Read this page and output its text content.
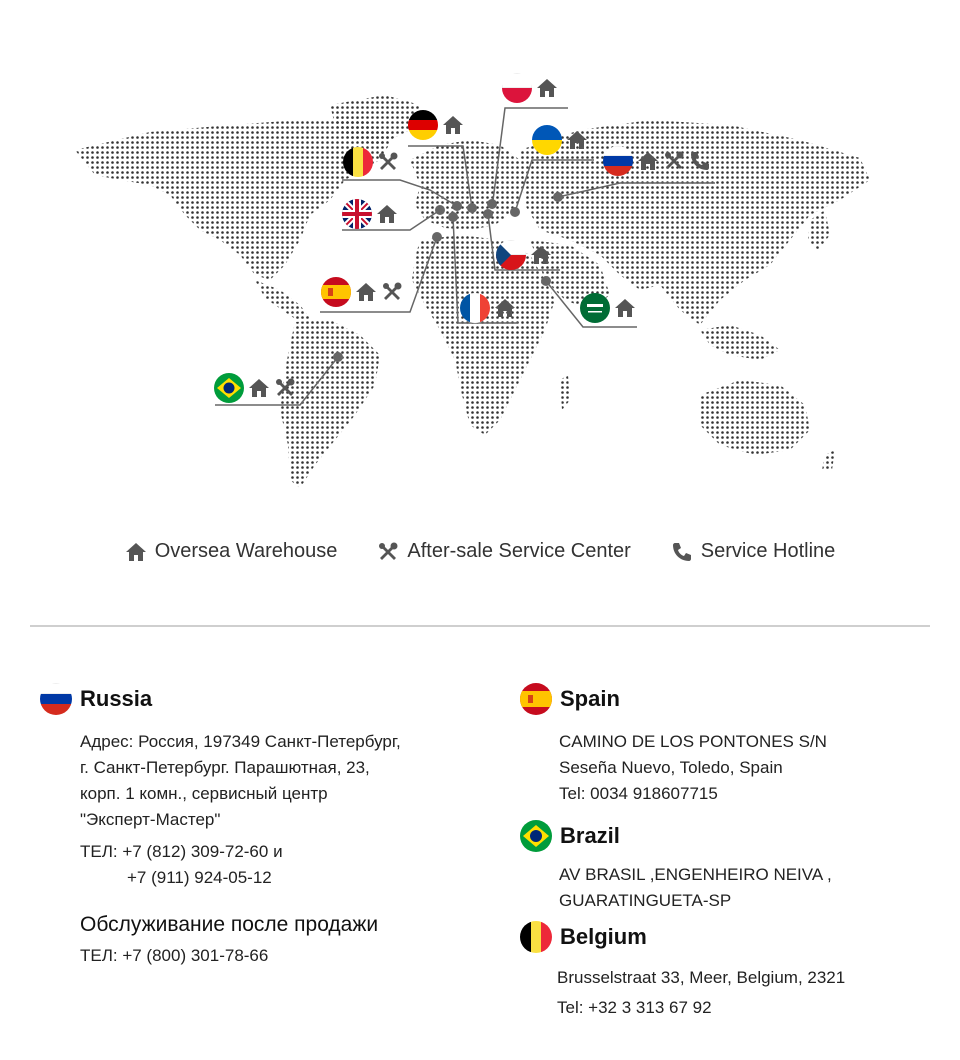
Oversea Warehouse	After-sale Service Center	Service Hotline
Russia
Адрес: Россия, 197349 Санкт-Петербург,
г. Санкт-Петербург. Парашютная, 23,
корп. 1 комн., сервисный центр
"Эксперт-Мастер"
ТЕЛ: +7 (812) 309-72-60 и
+7 (911) 924-05-12
Обслуживание после продажи
ТЕЛ: +7 (800) 301-78-66
Spain
CAMINO DE LOS PONTONES S/N
Seseña Nuevo, Toledo, Spain
Tel: 0034 918607715
Brazil
AV BRASIL ,ENGENHEIRO NEIVA ,
GUARATINGUETA-SP
Belgium
Brusselstraat 33, Meer, Belgium, 2321
Tel: +32 3 313 67 92
